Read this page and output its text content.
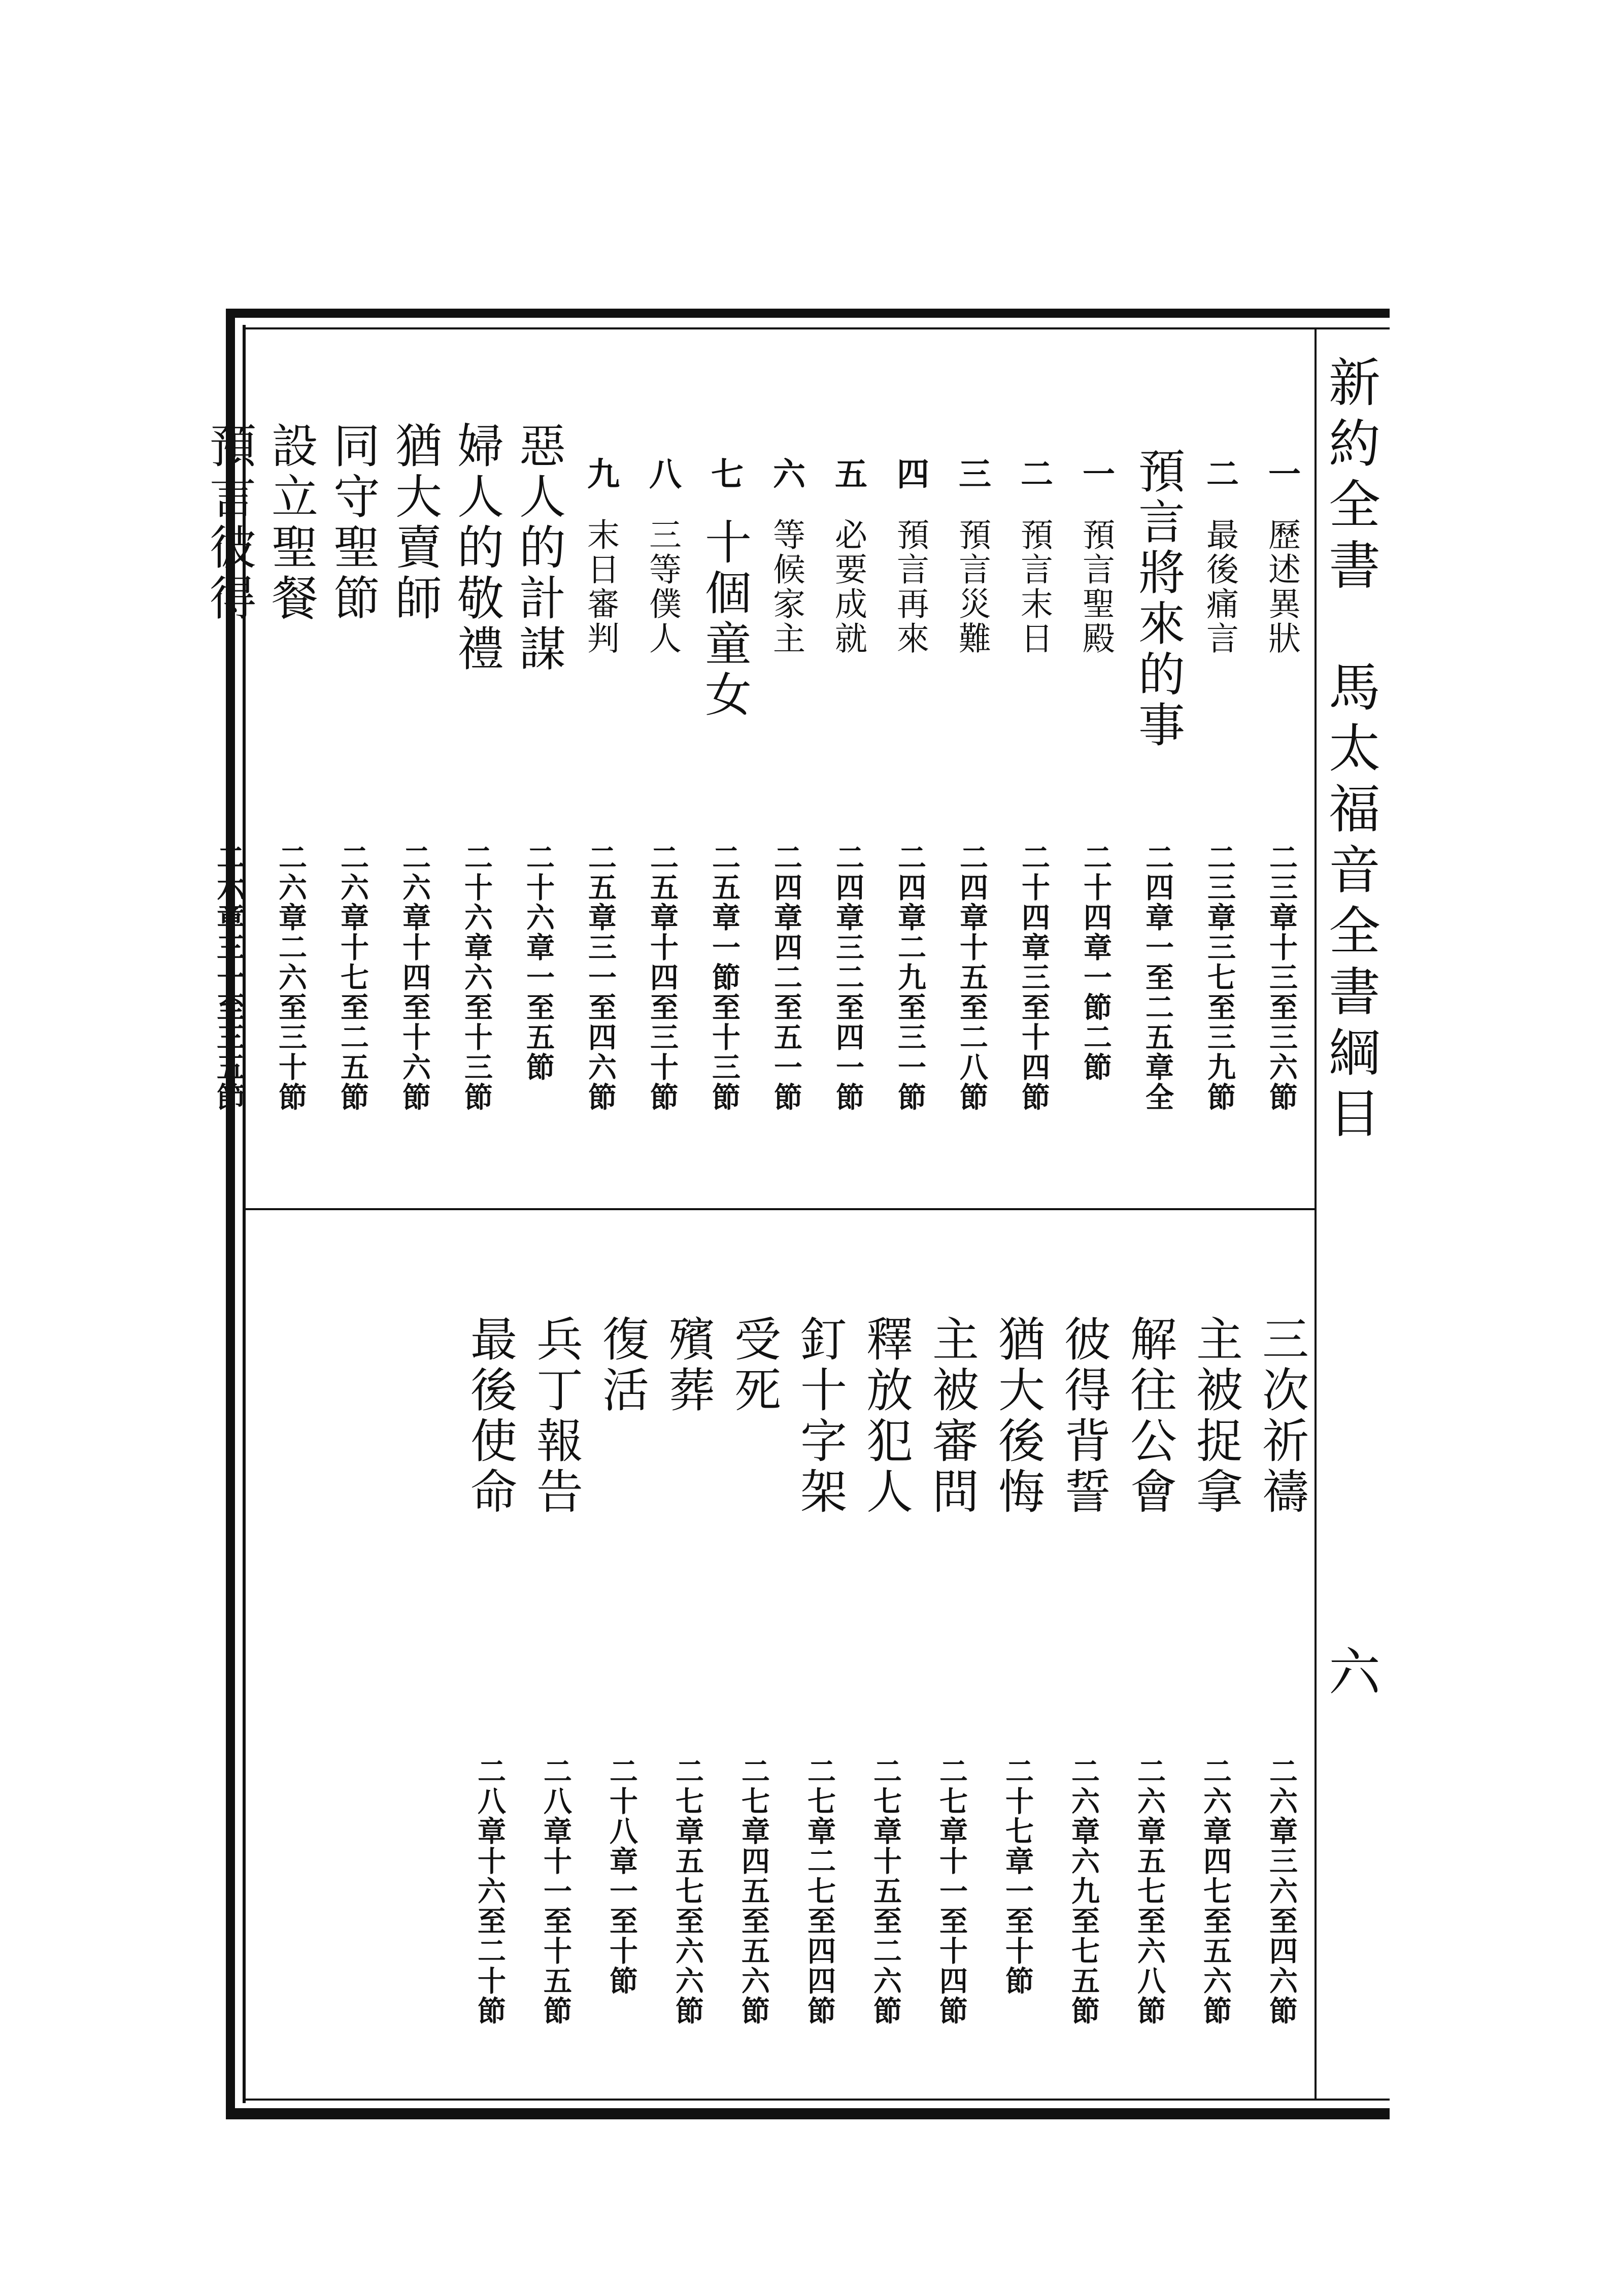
新約全書　馬太福音全書綱目
六
三次祈禱
二六章三六至四六節
主被捉拿
二六章四七至五六節
解往公會
二六章五七至六八節
彼得背誓
二六章六九至七五節
猶大後悔
二十七章一至十節
主被審問
二七章十一至十四節
釋放犯人
二七章十五至二六節
釘十字架
二七章二七至四四節
受死
二七章四五至五六節
殯葬
二七章五七至六六節
復活
二十八章一至十節
兵丁報告
二八章十一至十五節
最後使命
二八章十六至二十節
一
歷述異狀
二三章十三至三六節
二
最後痛言
二三章三七至三九節
預言將來的事
二四章一至二五章全
一
預言聖殿
二十四章一節二節
二
預言末日
二十四章三至十四節
三
預言災難
二四章十五至二八節
四
預言再來
二四章二九至三一節
五
必要成就
二四章三二至四一節
六
等候家主
二四章四二至五一節
七
十個童女
二五章一節至十三節
八
三等僕人
二五章十四至三十節
九
末日審判
二五章三一至四六節
惡人的計謀
二十六章一至五節
婦人的敬禮
二十六章六至十三節
猶大賣師
二六章十四至十六節
同守聖節
二六章十七至二五節
設立聖餐
二六章二六至三十節
預言彼得
二六章三一至三五節
